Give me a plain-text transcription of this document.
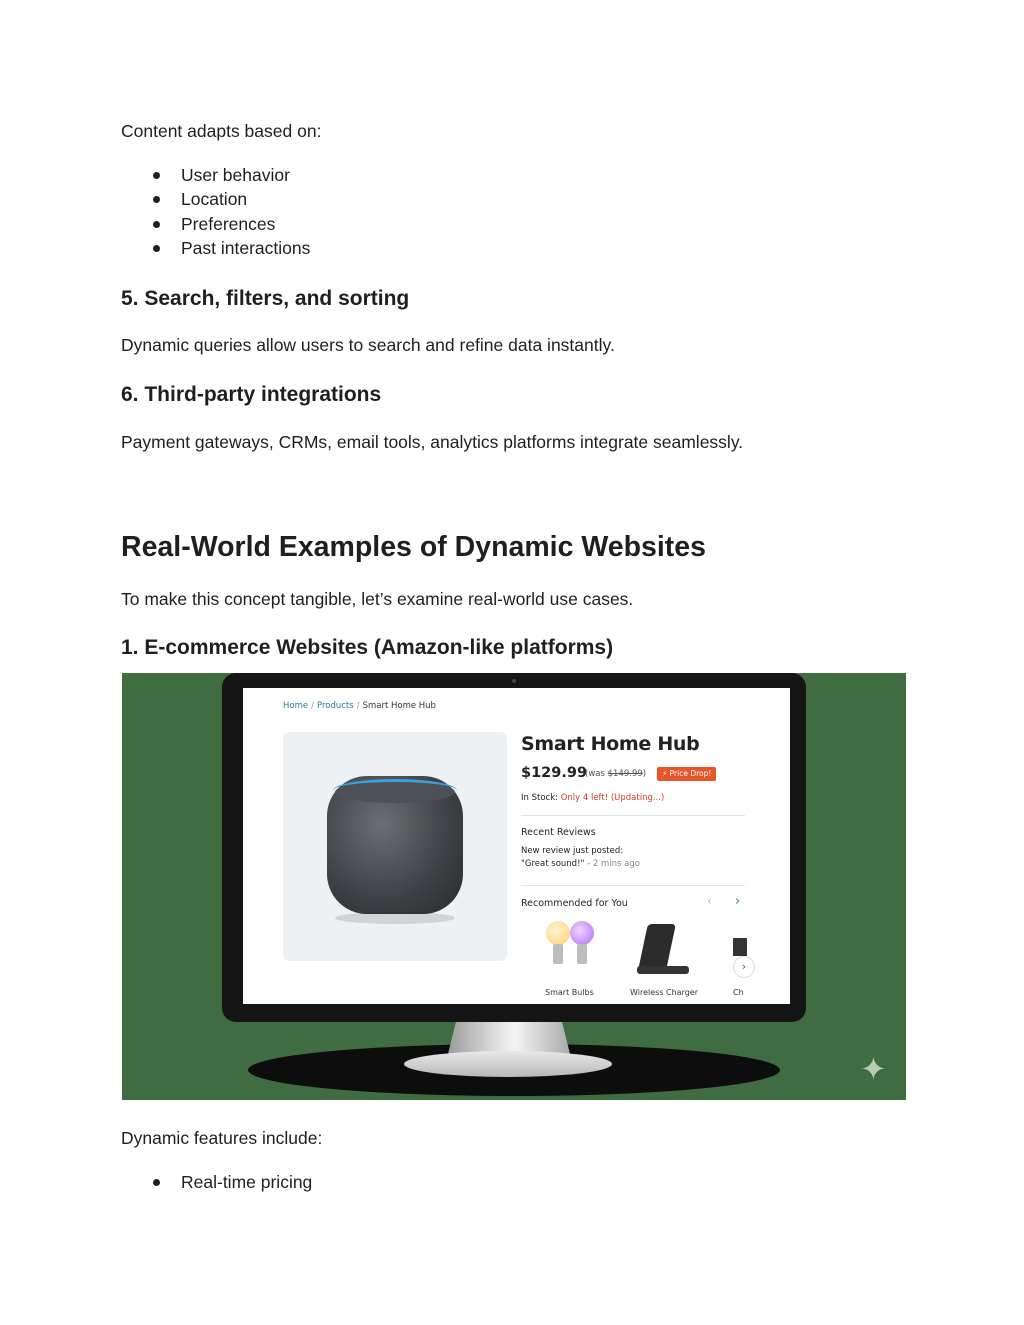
Content adapts based on:

User behavior
Location
Preferences
Past interactions
5. Search, filters, and sorting

Dynamic queries allow users to search and refine data instantly.

6. Third-party integrations

Payment gateways, CRMs, email tools, analytics platforms integrate seamlessly.

Real-World Examples of Dynamic Websites

To make this concept tangible, let’s examine real-world use cases.

1. E-commerce Websites (Amazon-like platforms)
Home / Products / Smart Home Hub
Smart Home Hub
$129.99
(was $149.99)	⚡ Price Drop!
In Stock: Only 4 left! (Updating...)
Recent Reviews
New review just posted:
"Great sound!" - 2 mins ago
Recommended for You	‹ ›
›
Smart Bulbs	Wireless Charger	Ch
✦

Dynamic features include:

Real-time pricing
